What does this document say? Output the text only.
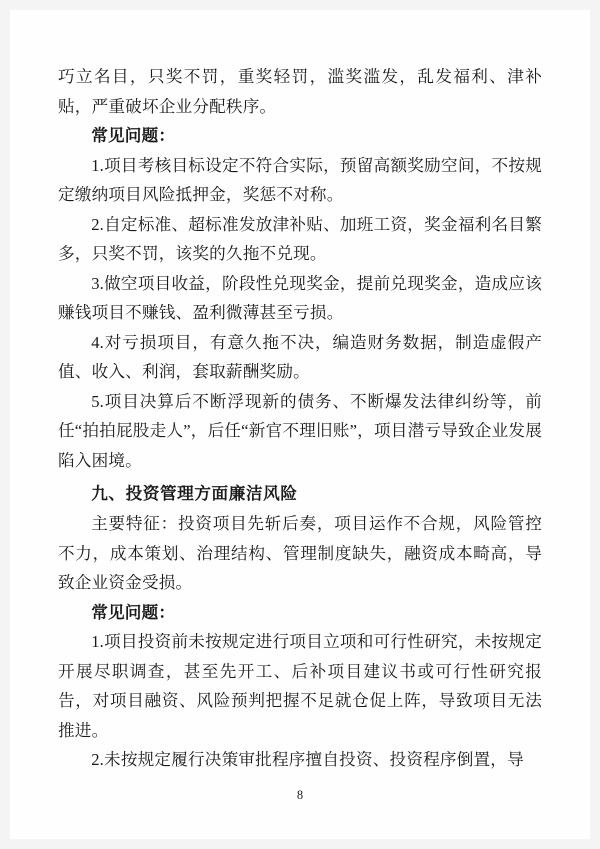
巧立名目，只奖不罚，重奖轻罚，滥奖滥发，乱发福利、津补贴，严重破坏企业分配秩序。

常见问题：

1.项目考核目标设定不符合实际，预留高额奖励空间，不按规定缴纳项目风险抵押金，奖惩不对称。

2.自定标准、超标准发放津补贴、加班工资，奖金福利名目繁多，只奖不罚，该奖的久拖不兑现。

3.做空项目收益，阶段性兑现奖金，提前兑现奖金，造成应该赚钱项目不赚钱、盈利微薄甚至亏损。

4.对亏损项目，有意久拖不决，编造财务数据，制造虚假产值、收入、利润，套取薪酬奖励。

5.项目决算后不断浮现新的债务、不断爆发法律纠纷等，前任“拍拍屁股走人”，后任“新官不理旧账”，项目潜亏导致企业发展陷入困境。

九、投资管理方面廉洁风险

主要特征：投资项目先斩后奏，项目运作不合规，风险管控不力，成本策划、治理结构、管理制度缺失，融资成本畸高，导致企业资金受损。

常见问题：

1.项目投资前未按规定进行项目立项和可行性研究，未按规定开展尽职调查，甚至先开工、后补项目建议书或可行性研究报告，对项目融资、风险预判把握不足就仓促上阵，导致项目无法推进。

2.未按规定履行决策审批程序擅自投资、投资程序倒置，导

8
